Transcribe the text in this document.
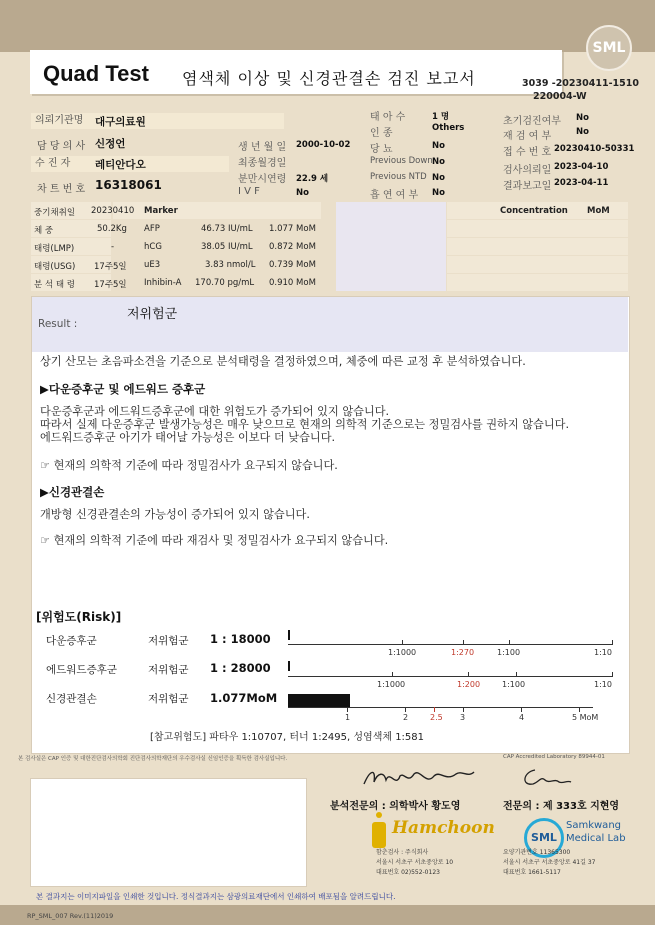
SML
Quad Test 염색체 이상 및 신경관결손 검진 보고서	3039 -20230411-1510
220004-W
의뢰기관명	대구의료원
담 당 의 사 신정언
수 진 자	레티안다오
차 트 번 호 16318061
생 년 월 일 2000-10-02
최종월경일
분만시연령 22.9 세
I V F	No
태 아 수	1 명
인 종	Others
당 뇨	No
Previous Down No
Previous NTD No
흡 연 여 부 No
초기검진여부 No
재 검 여 부	No
접 수 번 호 20230410-50331
검사의뢰일 2023-04-10
결과보고일 2023-04-11
중기채취일 20230410
체 중	50.2Kg
태령(LMP)	-
태령(USG) 17주5일
분 석 태 령 17주5일
Marker
AFP	46.73 IU/mL 1.077 MoM
hCG	38.05 IU/mL 0.872 MoM
uE3	3.83 nmol/L 0.739 MoM
Inhibin-A 170.70 pg/mL 0.910 MoM
Concentration MoM
Result :
저위험군
상기 산모는 초음파소견을 기준으로 분석태령을 결정하였으며, 체중에 따른 교정 후 분석하였습니다.
▶다운증후군 및 에드워드 증후군
다운증후군과 에드워드증후군에 대한 위험도가 증가되어 있지 않습니다.
따라서 실제 다운증후군 발생가능성은 매우 낮으므로 현재의 의학적 기준으로는 정밀검사를 권하지 않습니다.
에드워드증후군 아기가 태어날 가능성은 이보다 더 낮습니다.
☞ 현재의 의학적 기준에 따라 정밀검사가 요구되지 않습니다.
▶신경관결손
개방형 신경관결손의 가능성이 증가되어 있지 않습니다.
☞ 현재의 의학적 기준에 따라 재검사 및 정밀검사가 요구되지 않습니다.
[위험도(Risk)]
다운증후군	저위험군 1 : 18000
에드워드증후군	저위험군 1 : 28000
신경관결손	저위험군 1.077MoM
1:1000	1:270	1:100	1:10
1:1000	1:200	1:100	1:10
1	2	2.5 3	4	5 MoM
[참고위험도] 파타우 1:10707, 터너 1:2495, 성염색체 1:581
본 검사실은 CAP 인증 및 대한진단검사의학회 진단검사의학재단의 우수검사실 신임인증을 획득한 검사실입니다.	CAP Accredited Laboratory 89944-01
분석전문의 : 의학박사 황도영	전문의 : 제 333호 지현영
Hamchoon	SML
Samkwang
Medical Lab
함춘검사 : 주식회사
서울시 서초구 서초중앙로 10
대표번호 02)552-0123
요양기관번호 11365300
서울시 서초구 서초중앙로 41길 37
대표번호 1661-5117
본 결과지는 이미지파일을 인쇄한 것입니다. 정식결과지는 삼광의료재단에서 인쇄하여 배포됨을 알려드립니다.
RP_SML_007 Rev.(11)2019
